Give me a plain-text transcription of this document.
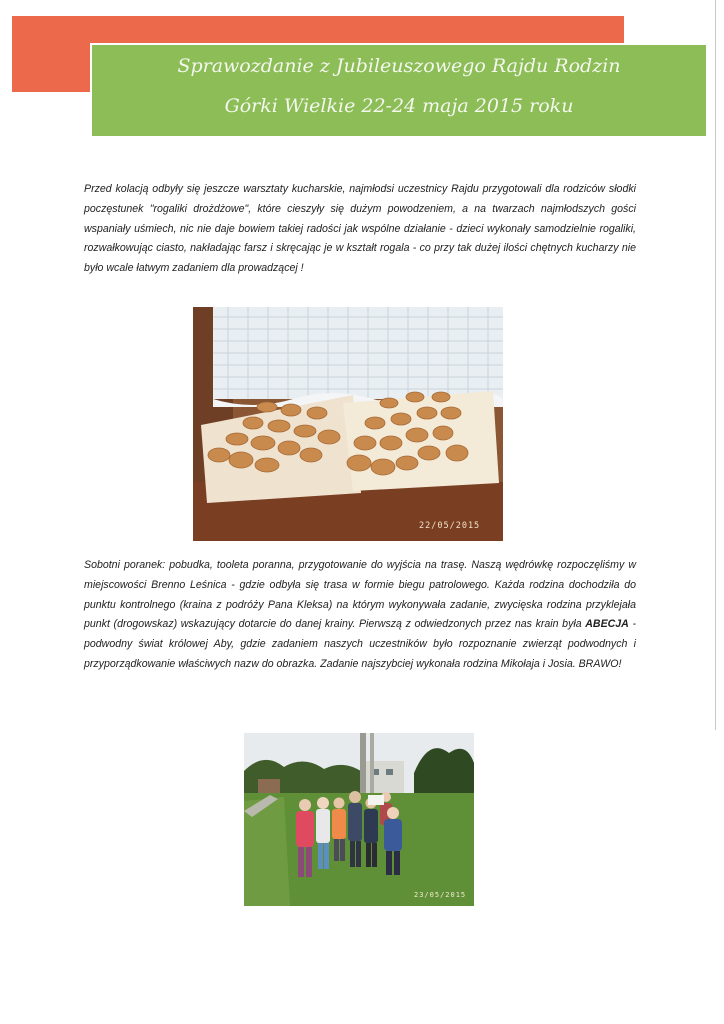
Sprawozdanie z Jubileuszowego Rajdu Rodzin
Górki Wielkie 22-24 maja 2015 roku

Przed kolacją odbyły się jeszcze warsztaty kucharskie, najmłodsi uczestnicy Rajdu przygotowali dla rodziców słodki poczęstunek "rogaliki drożdżowe", które cieszyły się dużym powodzeniem, a na twarzach najmłodszych gości wspaniały uśmiech, nic nie daje bowiem takiej radości jak wspólne działanie - dzieci wykonały samodzielnie rogaliki, rozwałkowując ciasto, nakładając farsz i skręcając je w kształt rogala - co przy tak dużej ilości chętnych kucharzy nie było wcale łatwym zadaniem dla prowadzącej !

22/05/2015

Sobotni poranek: pobudka, tooleta poranna, przygotowanie do wyjścia na trasę. Naszą wędrówkę rozpoczęliśmy w miejscowości Brenno Leśnica - gdzie odbyła się trasa w formie biegu patrolowego. Każda rodzina dochodziła do punktu kontrolnego (kraina z podróży Pana Kleksa) na którym wykonywała zadanie, zwycięska rodzina przyklejała punkt (drogowskaz) wskazujący dotarcie do danej krainy. Pierwszą z odwiedzonych przez nas krain była ABECJA - podwodny świat królowej Aby, gdzie zadaniem naszych uczestników było rozpoznanie zwierząt podwodnych i przyporządkowanie właściwych nazw do obrazka. Zadanie najszybciej wykonała rodzina Mikołaja i Josia. BRAWO!

23/05/2015
